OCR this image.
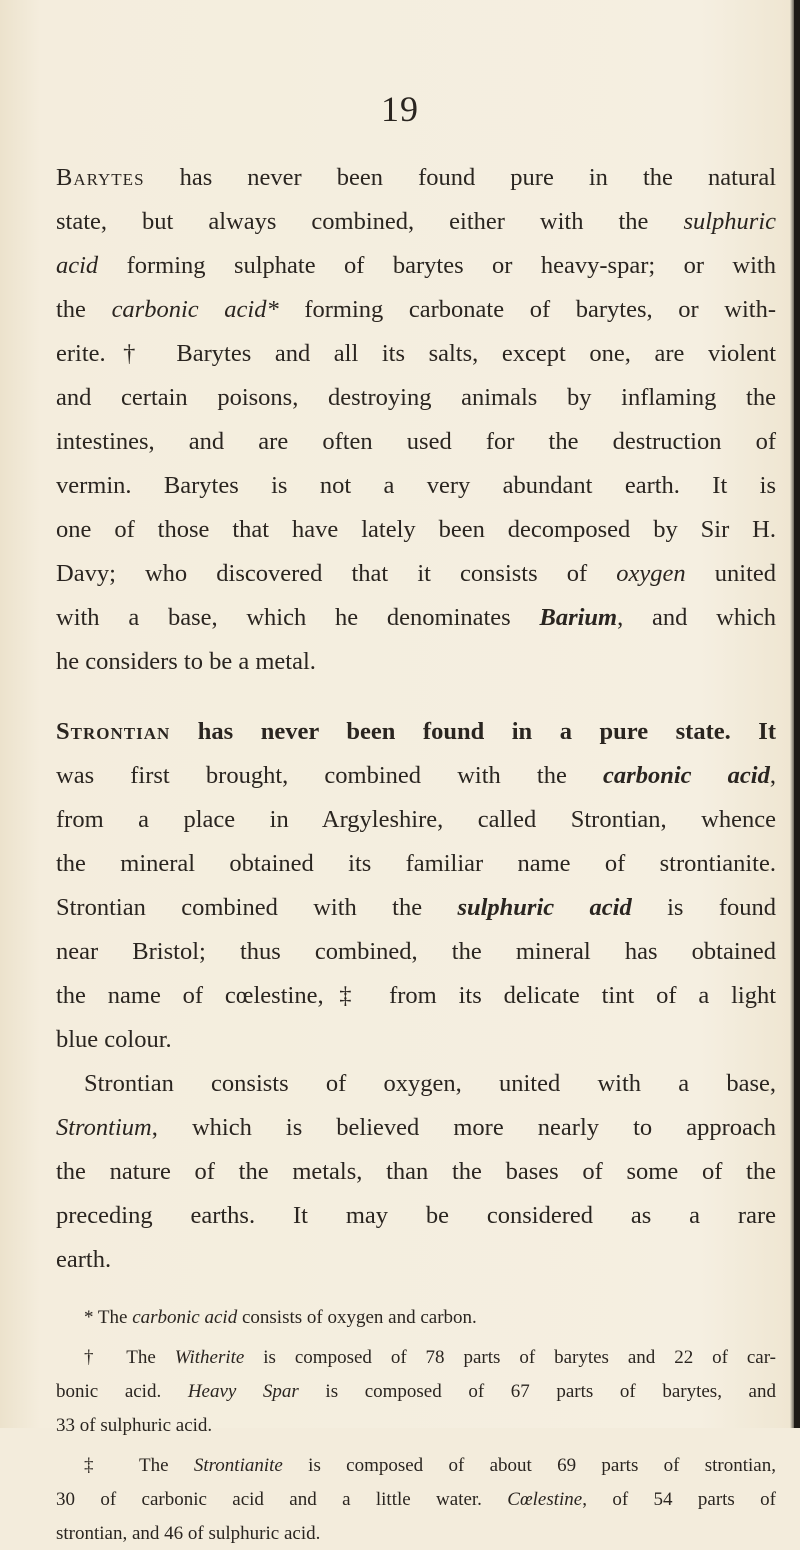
19
Barytes has never been found pure in the natural
state, but always combined, either with the sulphuric
acid forming sulphate of barytes or heavy-spar; or with
the carbonic acid* forming carbonate of barytes, or with-
erite.† Barytes and all its salts, except one, are violent
and certain poisons, destroying animals by inflaming the
intestines, and are often used for the destruction of
vermin. Barytes is not a very abundant earth. It is
one of those that have lately been decomposed by Sir H.
Davy; who discovered that it consists of oxygen united
with a base, which he denominates Barium, and which
he considers to be a metal.
Strontian has never been found in a pure state. It
was first brought, combined with the carbonic acid,
from a place in Argyleshire, called Strontian, whence
the mineral obtained its familiar name of strontianite.
Strontian combined with the sulphuric acid is found
near Bristol; thus combined, the mineral has obtained
the name of cœlestine,‡ from its delicate tint of a light
blue colour.
Strontian consists of oxygen, united with a base,
Strontium, which is believed more nearly to approach
the nature of the metals, than the bases of some of the
preceding earths. It may be considered as a rare
earth.
* The carbonic acid consists of oxygen and carbon.
† The Witherite is composed of 78 parts of barytes and 22 of car-
bonic acid. Heavy Spar is composed of 67 parts of barytes, and
33 of sulphuric acid.
‡ The Strontianite is composed of about 69 parts of strontian,
30 of carbonic acid and a little water. Cœlestine, of 54 parts of
strontian, and 46 of sulphuric acid.
